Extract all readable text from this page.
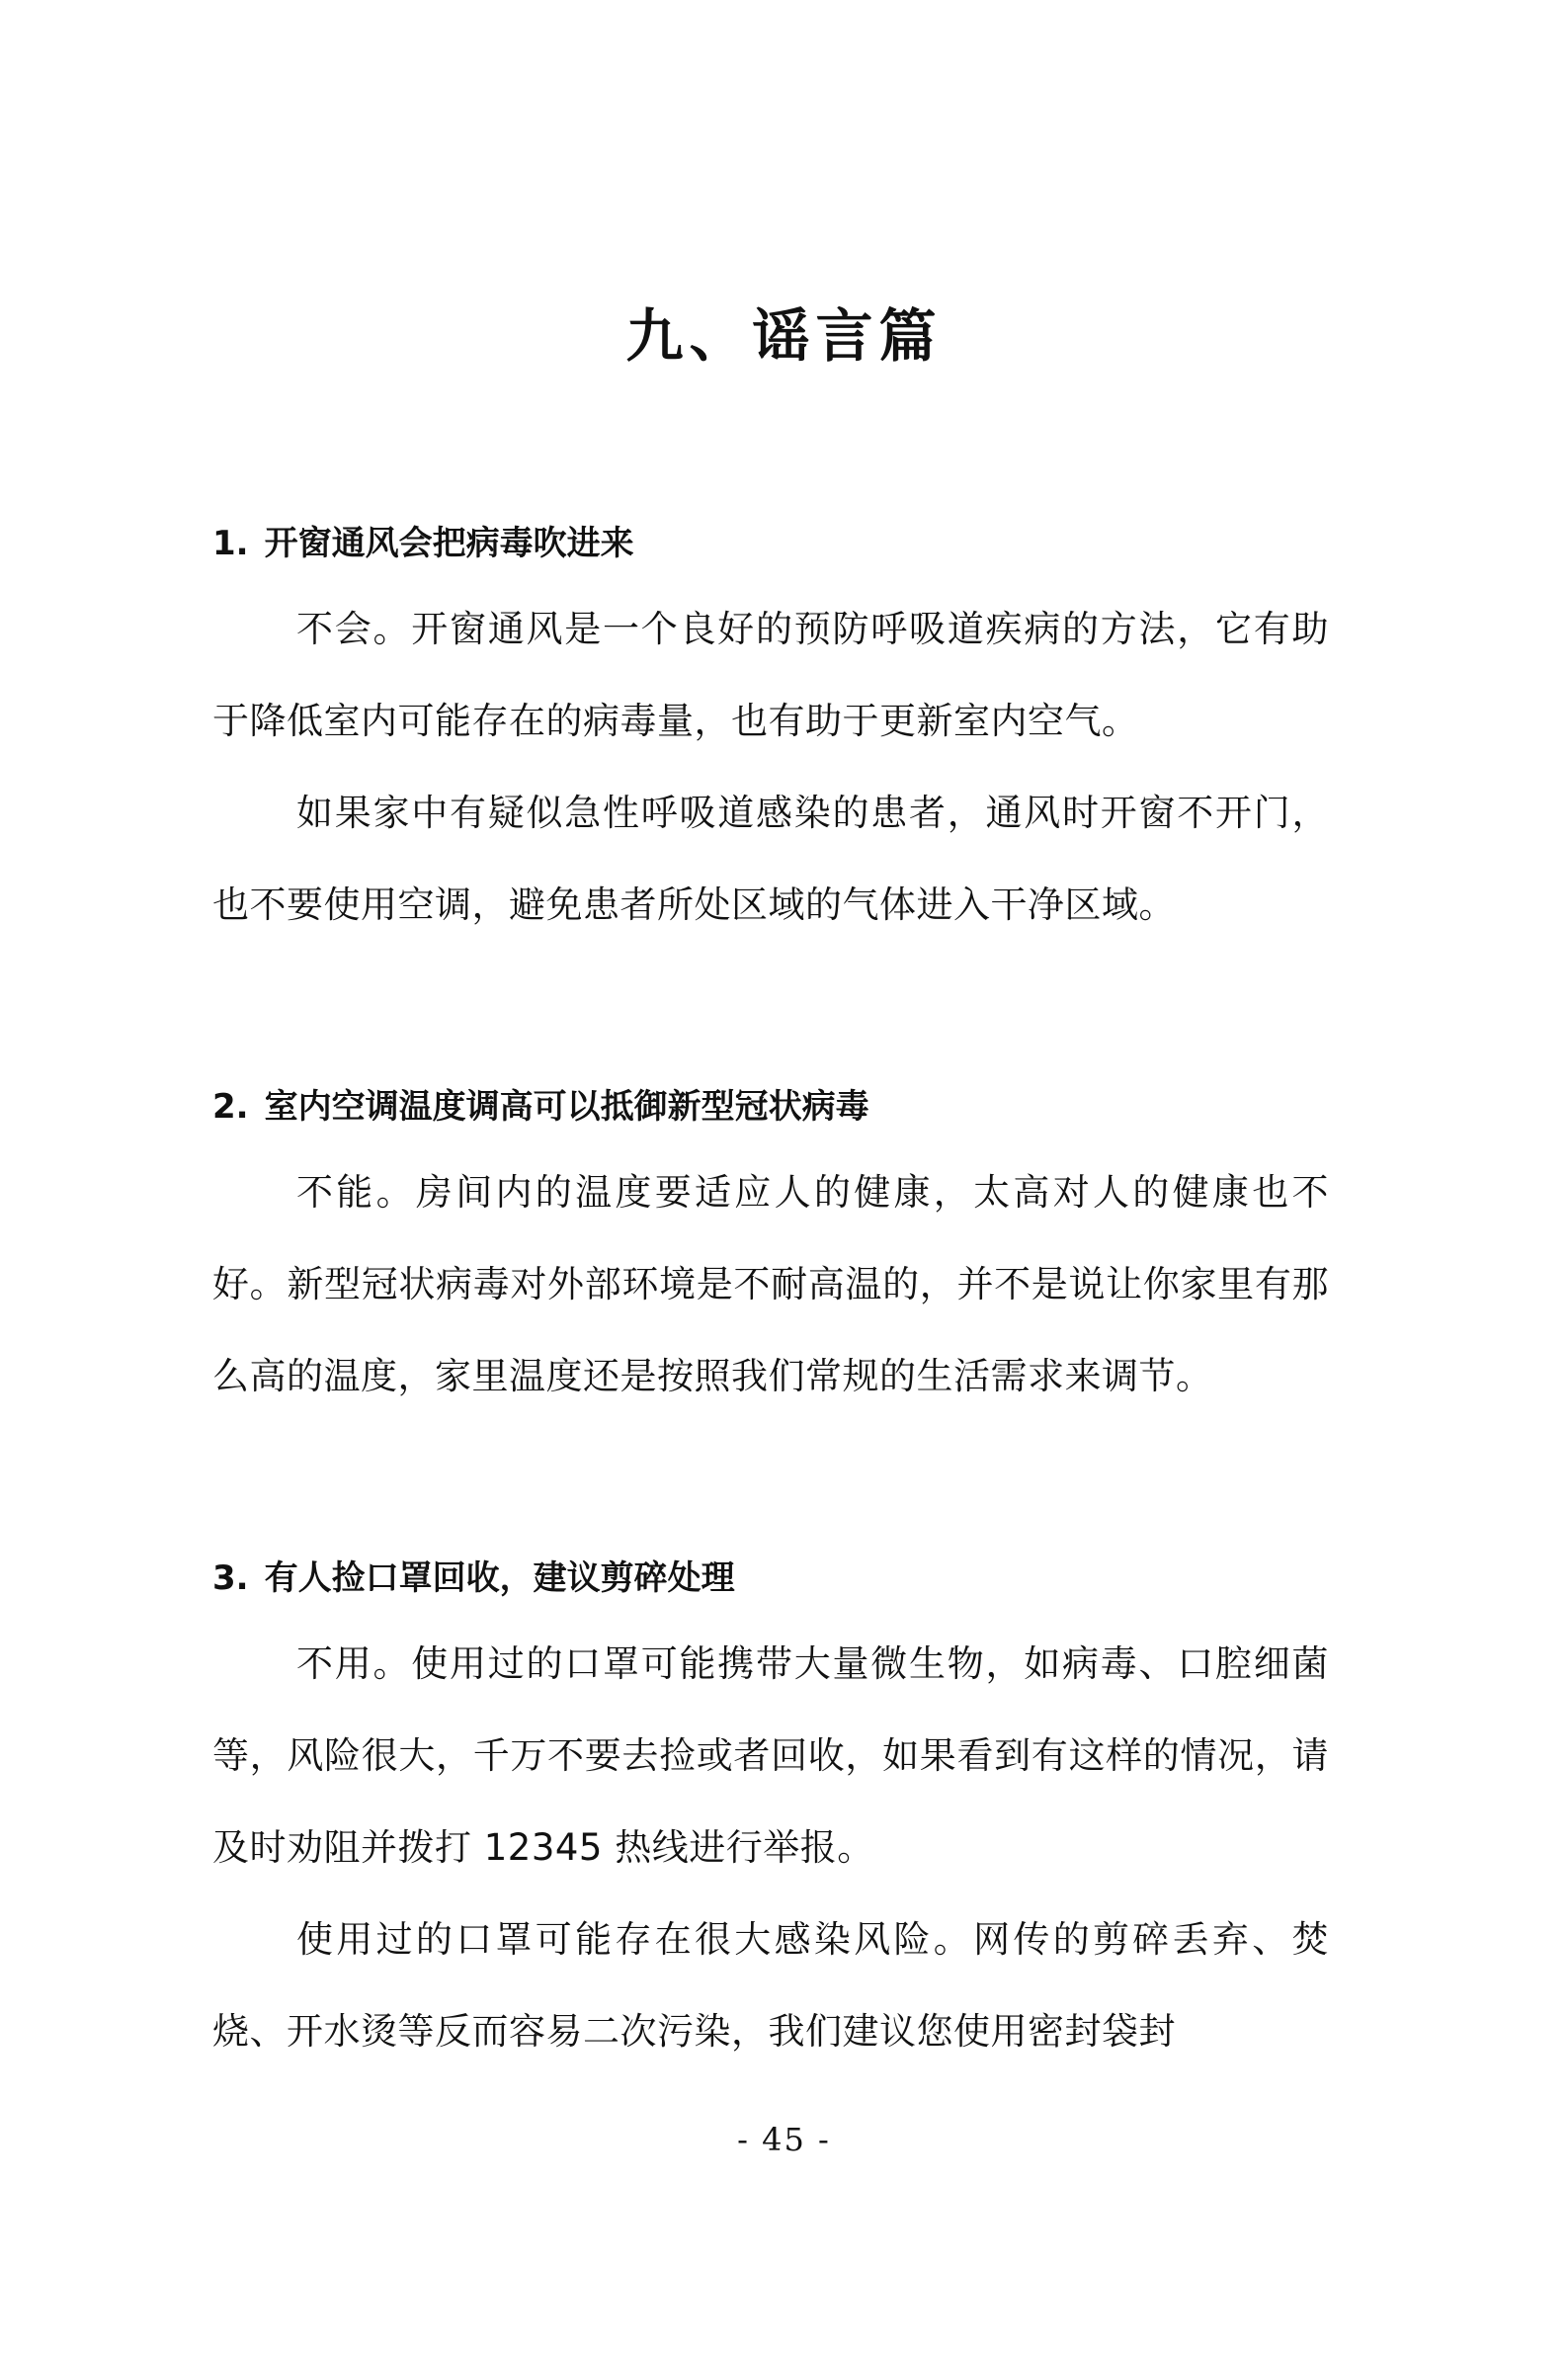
九、谣言篇
1. 开窗通风会把病毒吹进来

不会。开窗通风是一个良好的预防呼吸道疾病的方法，它有助于降低室内可能存在的病毒量，也有助于更新室内空气。

如果家中有疑似急性呼吸道感染的患者，通风时开窗不开门，也不要使用空调，避免患者所处区域的气体进入干净区域。

2. 室内空调温度调高可以抵御新型冠状病毒

不能。房间内的温度要适应人的健康，太高对人的健康也不好。新型冠状病毒对外部环境是不耐高温的，并不是说让你家里有那么高的温度，家里温度还是按照我们常规的生活需求来调节。

3. 有人捡口罩回收，建议剪碎处理

不用。使用过的口罩可能携带大量微生物，如病毒、口腔细菌等，风险很大，千万不要去捡或者回收，如果看到有这样的情况，请及时劝阻并拨打 12345 热线进行举报。

使用过的口罩可能存在很大感染风险。网传的剪碎丢弃、焚烧、开水烫等反而容易二次污染，我们建议您使用密封袋封

- 45 -
